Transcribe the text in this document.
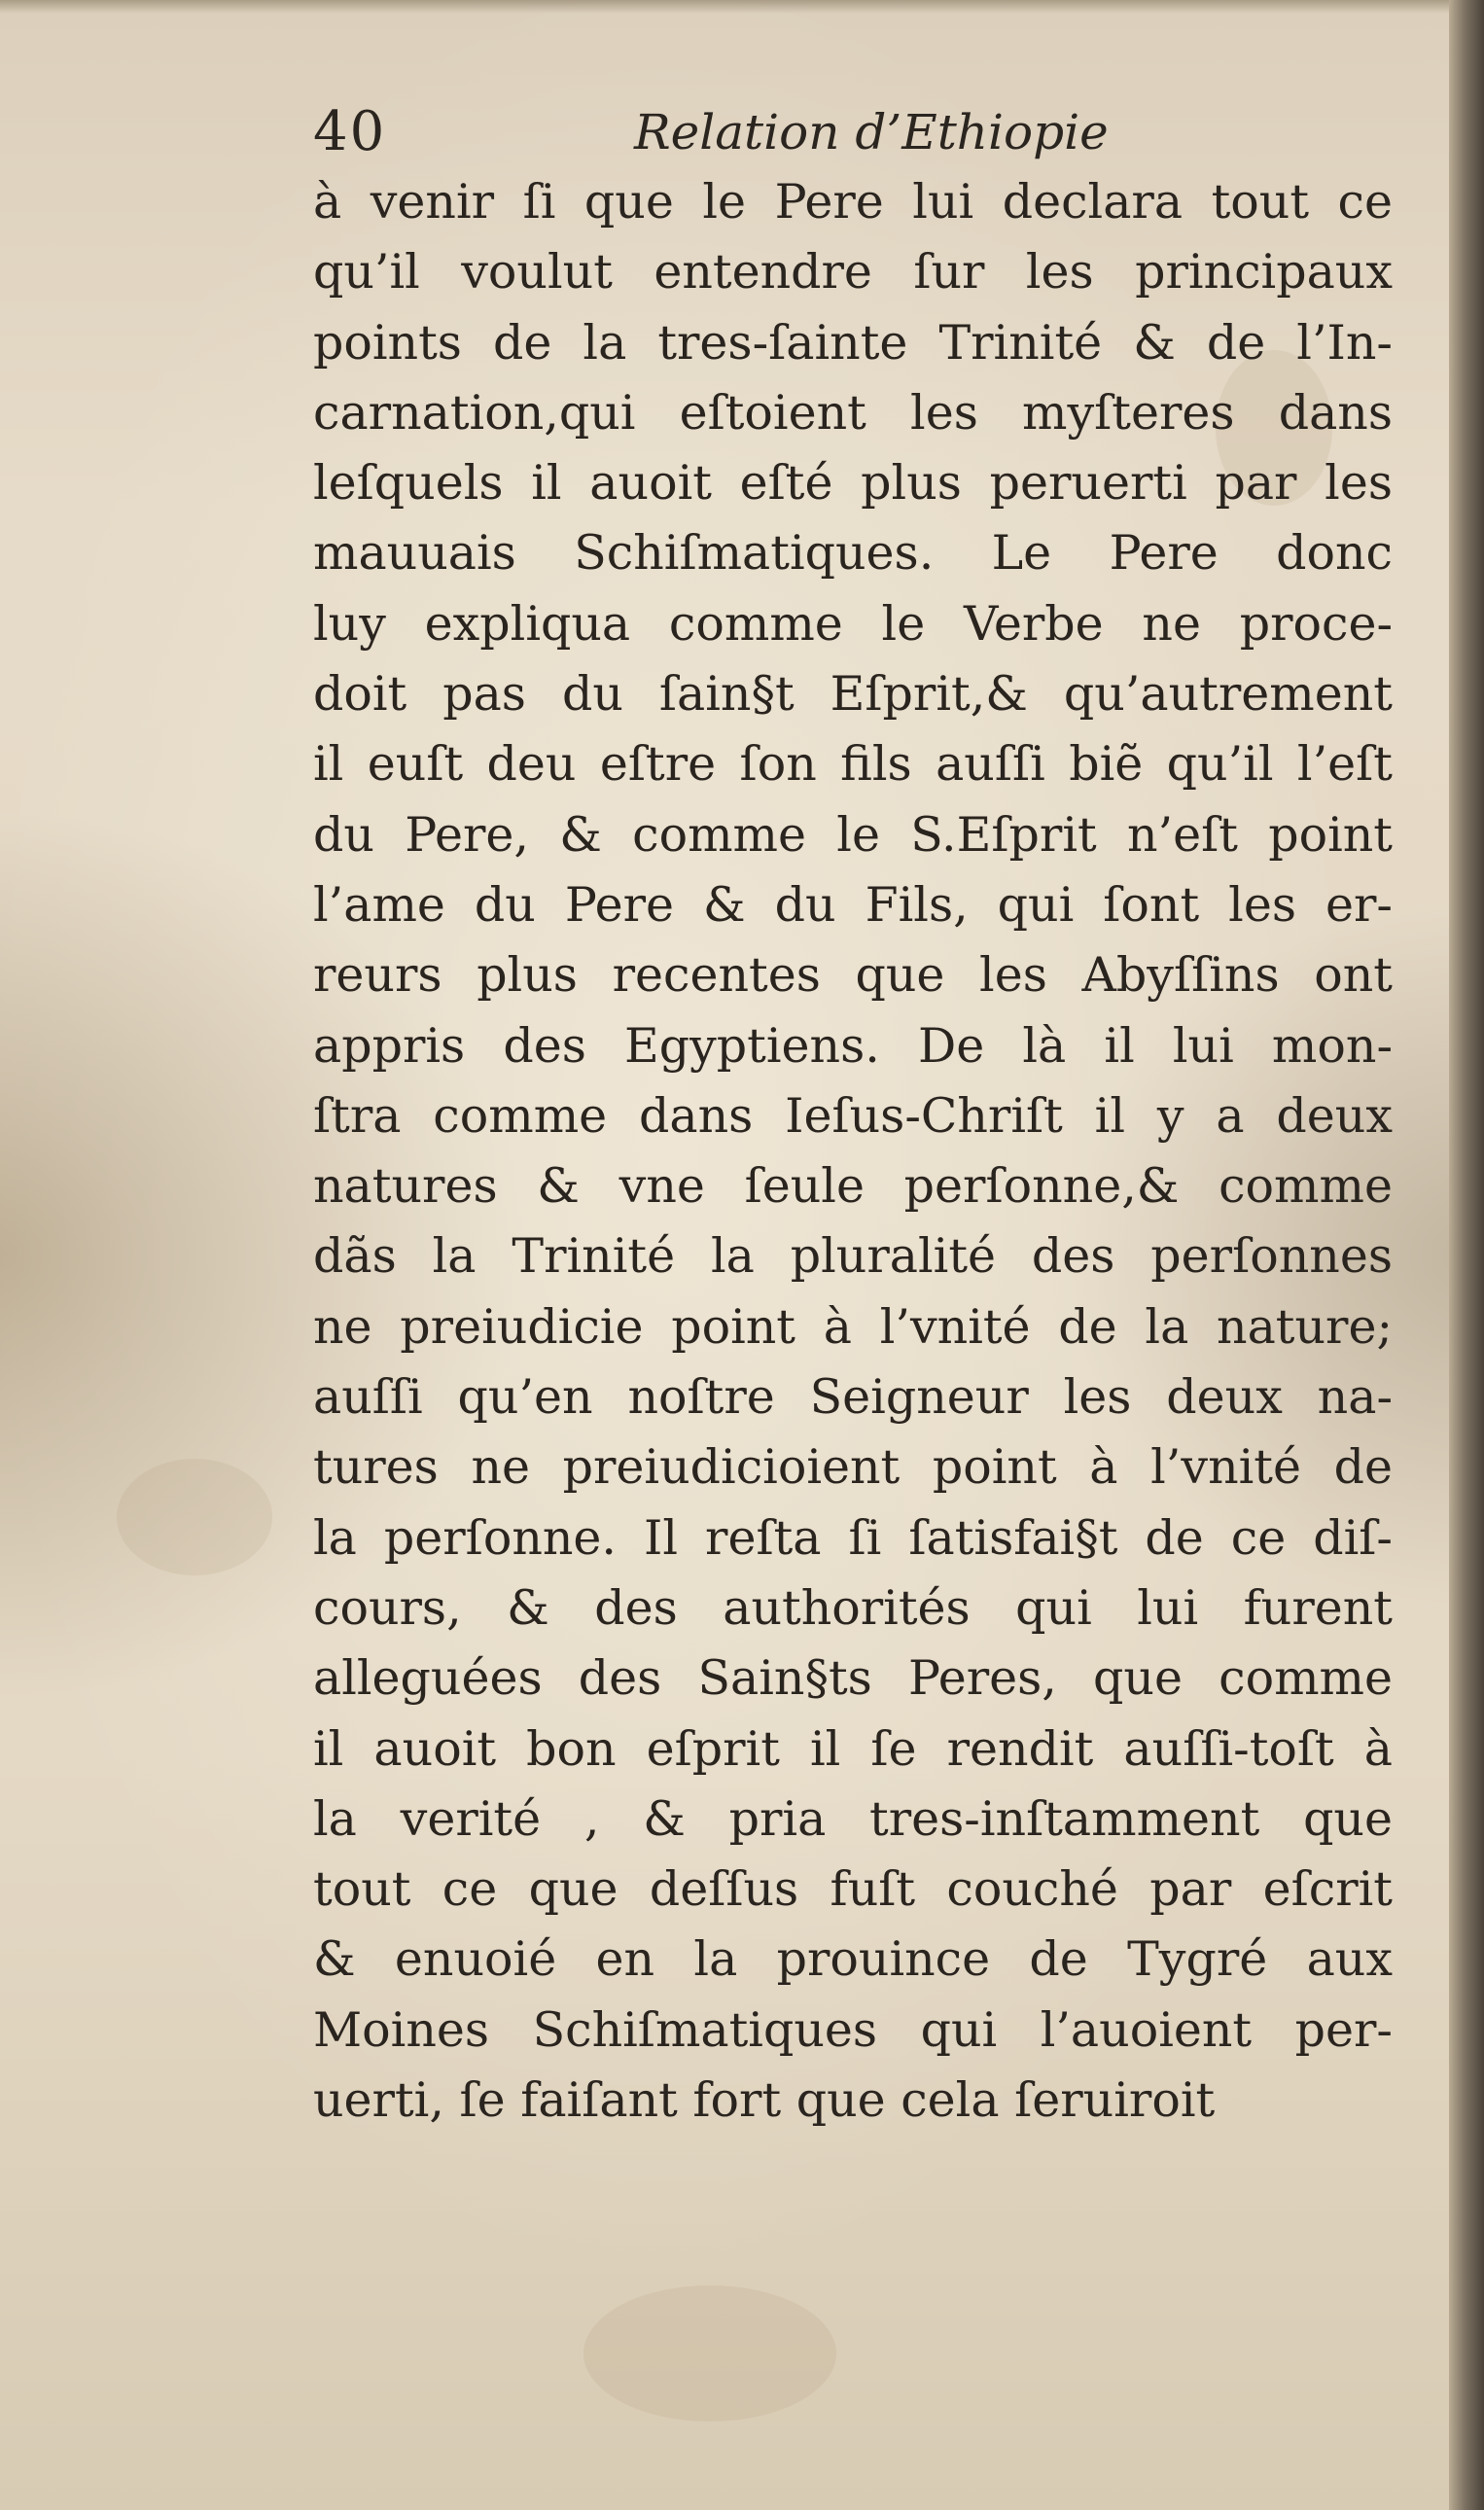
40	Relation d’Ethiopie
à venir ſi que le Pere lui declara tout ce
qu’il voulut entendre ſur les principaux
points de la tres-ſainte Trinité & de l’In-
carnation,qui eſtoient les myſteres dans
leſquels il auoit eſté plus peruerti par les
mauuais Schiſmatiques. Le Pere donc
luy expliqua comme le Verbe ne proce-
doit pas du ſain§t Eſprit,& qu’autrement
il euſt deu eſtre ſon fils auſſi biẽ qu’il l’eſt
du Pere, & comme le S.Eſprit n’eſt point
l’ame du Pere & du Fils, qui ſont les er-
reurs plus recentes que les Abyſſins ont
appris des Egyptiens. De là il lui mon-
ſtra comme dans Ieſus-Chriſt il y a deux
natures & vne ſeule perſonne,& comme
dãs la Trinité la pluralité des perſonnes
ne preiudicie point à l’vnité de la nature;
auſſi qu’en noſtre Seigneur les deux na-
tures ne preiudicioient point à l’vnité de
la perſonne. Il reſta ſi ſatisfai§t de ce diſ-
cours, & des authorités qui lui furent
alleguées des Sain§ts Peres, que comme
il auoit bon eſprit il ſe rendit auſſi-toſt à
la verité , & pria tres-inſtamment que
tout ce que deſſus fuſt couché par eſcrit
& enuoié en la prouince de Tygré aux
Moines Schiſmatiques qui l’auoient per-
uerti, ſe faiſant fort que cela ſeruiroit
